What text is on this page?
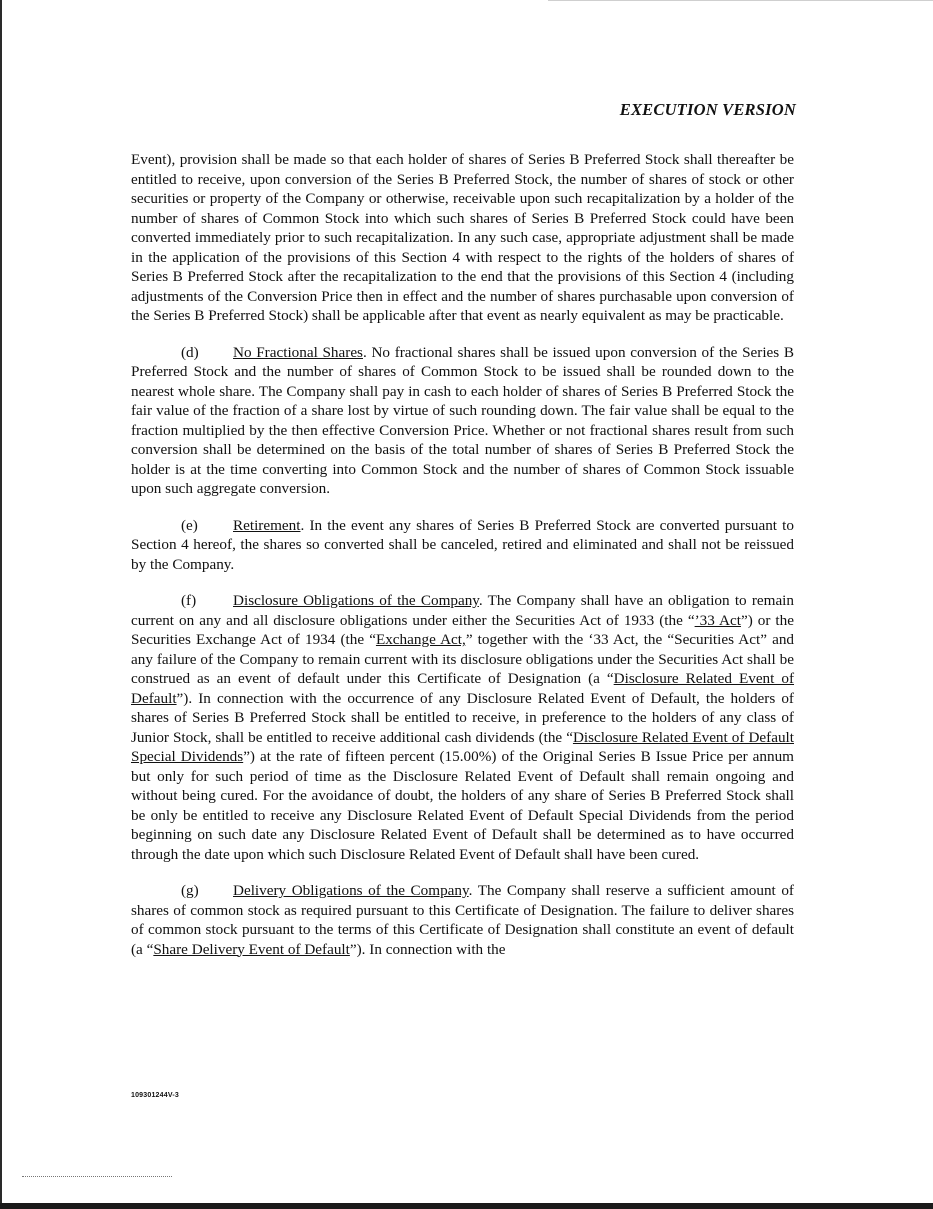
EXECUTION VERSION

Event), provision shall be made so that each holder of shares of Series B Preferred Stock shall thereafter be entitled to receive, upon conversion of the Series B Preferred Stock, the number of shares of stock or other securities or property of the Company or otherwise, receivable upon such recapitalization by a holder of the number of shares of Common Stock into which such shares of Series B Preferred Stock could have been converted immediately prior to such recapitalization. In any such case, appropriate adjustment shall be made in the application of the provisions of this Section 4 with respect to the rights of the holders of shares of Series B Preferred Stock after the recapitalization to the end that the provisions of this Section 4 (including adjustments of the Conversion Price then in effect and the number of shares purchasable upon conversion of the Series B Preferred Stock) shall be applicable after that event as nearly equivalent as may be practicable.

(d) No Fractional Shares. No fractional shares shall be issued upon conversion of the Series B Preferred Stock and the number of shares of Common Stock to be issued shall be rounded down to the nearest whole share. The Company shall pay in cash to each holder of shares of Series B Preferred Stock the fair value of the fraction of a share lost by virtue of such rounding down. The fair value shall be equal to the fraction multiplied by the then effective Conversion Price. Whether or not fractional shares result from such conversion shall be determined on the basis of the total number of shares of Series B Preferred Stock the holder is at the time converting into Common Stock and the number of shares of Common Stock issuable upon such aggregate conversion.

(e) Retirement. In the event any shares of Series B Preferred Stock are converted pursuant to Section 4 hereof, the shares so converted shall be canceled, retired and eliminated and shall not be reissued by the Company.

(f) Disclosure Obligations of the Company. The Company shall have an obligation to remain current on any and all disclosure obligations under either the Securities Act of 1933 (the “’33 Act”) or the Securities Exchange Act of 1934 (the “Exchange Act,” together with the ‘33 Act, the “Securities Act” and any failure of the Company to remain current with its disclosure obligations under the Securities Act shall be construed as an event of default under this Certificate of Designation (a “Disclosure Related Event of Default”). In connection with the occurrence of any Disclosure Related Event of Default, the holders of shares of Series B Preferred Stock shall be entitled to receive, in preference to the holders of any class of Junior Stock, shall be entitled to receive additional cash dividends (the “Disclosure Related Event of Default Special Dividends”) at the rate of fifteen percent (15.00%) of the Original Series B Issue Price per annum but only for such period of time as the Disclosure Related Event of Default shall remain ongoing and without being cured. For the avoidance of doubt, the holders of any share of Series B Preferred Stock shall be only be entitled to receive any Disclosure Related Event of Default Special Dividends from the period beginning on such date any Disclosure Related Event of Default shall be determined as to have occurred through the date upon which such Disclosure Related Event of Default shall have been cured.

(g) Delivery Obligations of the Company. The Company shall reserve a sufficient amount of shares of common stock as required pursuant to this Certificate of Designation. The failure to deliver shares of common stock pursuant to the terms of this Certificate of Designation shall constitute an event of default (a “Share Delivery Event of Default”). In connection with the

109301244V-3
